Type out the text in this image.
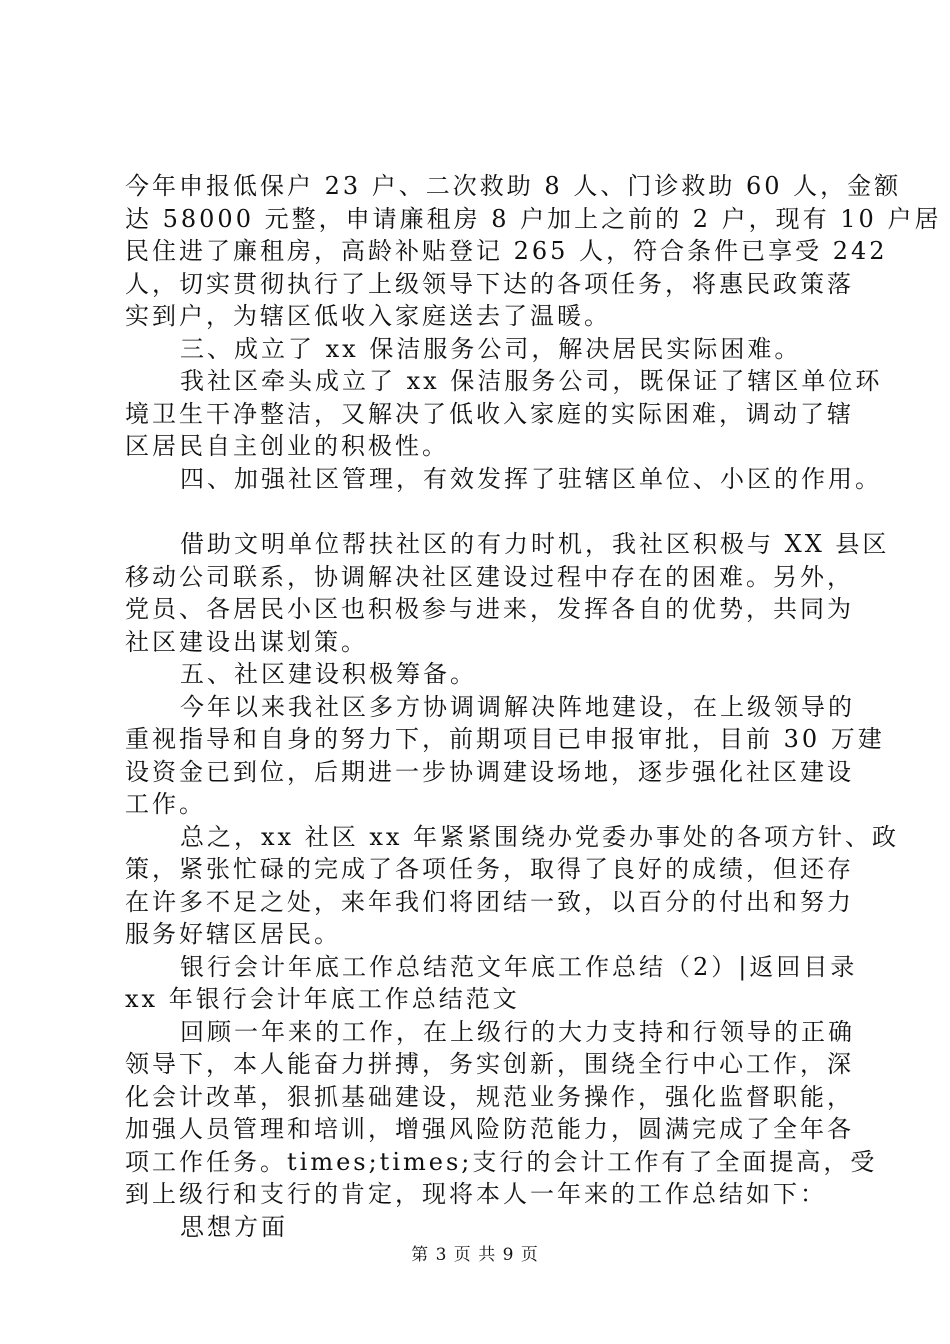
今年申报低保户 23 户、二次救助 8 人、门诊救助 60 人，金额
达 58000 元整，申请廉租房 8 户加上之前的 2 户，现有 10 户居
民住进了廉租房，高龄补贴登记 265 人，符合条件已享受 242
人，切实贯彻执行了上级领导下达的各项任务，将惠民政策落
实到户，为辖区低收入家庭送去了温暖。
三、成立了 xx 保洁服务公司，解决居民实际困难。
我社区牵头成立了 xx 保洁服务公司，既保证了辖区单位环
境卫生干净整洁，又解决了低收入家庭的实际困难，调动了辖
区居民自主创业的积极性。
四、加强社区管理，有效发挥了驻辖区单位、小区的作用。
借助文明单位帮扶社区的有力时机，我社区积极与 XX 县区
移动公司联系，协调解决社区建设过程中存在的困难。另外，
党员、各居民小区也积极参与进来，发挥各自的优势，共同为
社区建设出谋划策。
五、社区建设积极筹备。
今年以来我社区多方协调调解决阵地建设，在上级领导的
重视指导和自身的努力下，前期项目已申报审批，目前 30 万建
设资金已到位，后期进一步协调建设场地，逐步强化社区建设
工作。
总之，xx 社区 xx 年紧紧围绕办党委办事处的各项方针、政
策，紧张忙碌的完成了各项任务，取得了良好的成绩，但还存
在许多不足之处，来年我们将团结一致，以百分的付出和努力
服务好辖区居民。
银行会计年底工作总结范文年底工作总结（2）|返回目录
xx 年银行会计年底工作总结范文
回顾一年来的工作，在上级行的大力支持和行领导的正确
领导下，本人能奋力拼搏，务实创新，围绕全行中心工作，深
化会计改革，狠抓基础建设，规范业务操作，强化监督职能，
加强人员管理和培训，增强风险防范能力，圆满完成了全年各
项工作任务。times;times;支行的会计工作有了全面提高，受
到上级行和支行的肯定，现将本人一年来的工作总结如下：
思想方面
第 3 页 共 9 页
